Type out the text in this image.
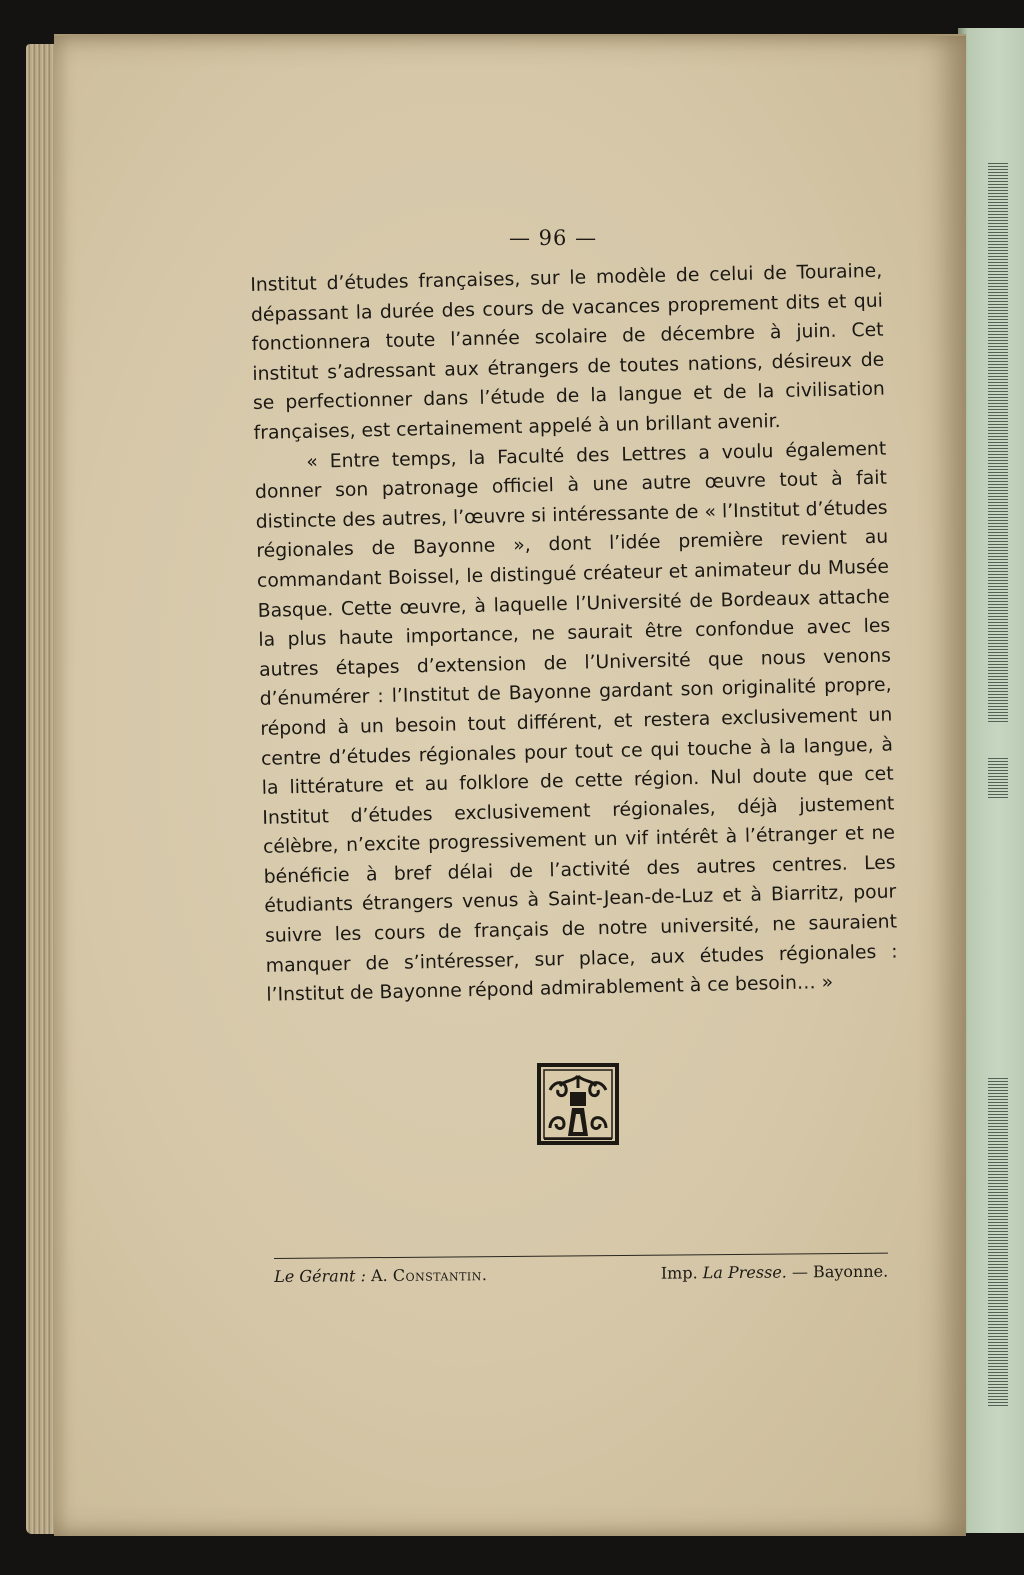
— 96 —

Institut d’études françaises, sur le modèle de celui de Touraine, dépassant la durée des cours de vacances proprement dits et qui fonctionnera toute l’année scolaire de décembre à juin. Cet institut s’adressant aux étrangers de toutes nations, désireux de se perfectionner dans l’étude de la langue et de la civilisation françaises, est certainement appelé à un brillant avenir.

« Entre temps, la Faculté des Lettres a voulu également donner son patronage officiel à une autre œuvre tout à fait distincte des autres, l’œuvre si intéressante de « l’Institut d’études régionales de Bayonne », dont l’idée première revient au commandant Boissel, le distingué créateur et animateur du Musée Basque. Cette œuvre, à laquelle l’Université de Bordeaux attache la plus haute importance, ne saurait être confondue avec les autres étapes d’extension de l’Université que nous venons d’énumérer : l’Institut de Bayonne gardant son originalité propre, répond à un besoin tout différent, et restera exclusivement un centre d’études régionales pour tout ce qui touche à la langue, à la littérature et au folklore de cette région. Nul doute que cet Institut d’études exclusivement régionales, déjà justement célèbre, n’excite progressivement un vif intérêt à l’étranger et ne bénéficie à bref délai de l’activité des autres centres. Les étudiants étrangers venus à Saint-Jean-de-Luz et à Biarritz, pour suivre les cours de français de notre université, ne sauraient manquer de s’intéresser, sur place, aux études régionales : l’Institut de Bayonne répond admirablement à ce besoin… »

Le Gérant : A. Constantin.	Imp. La Presse. — Bayonne.
